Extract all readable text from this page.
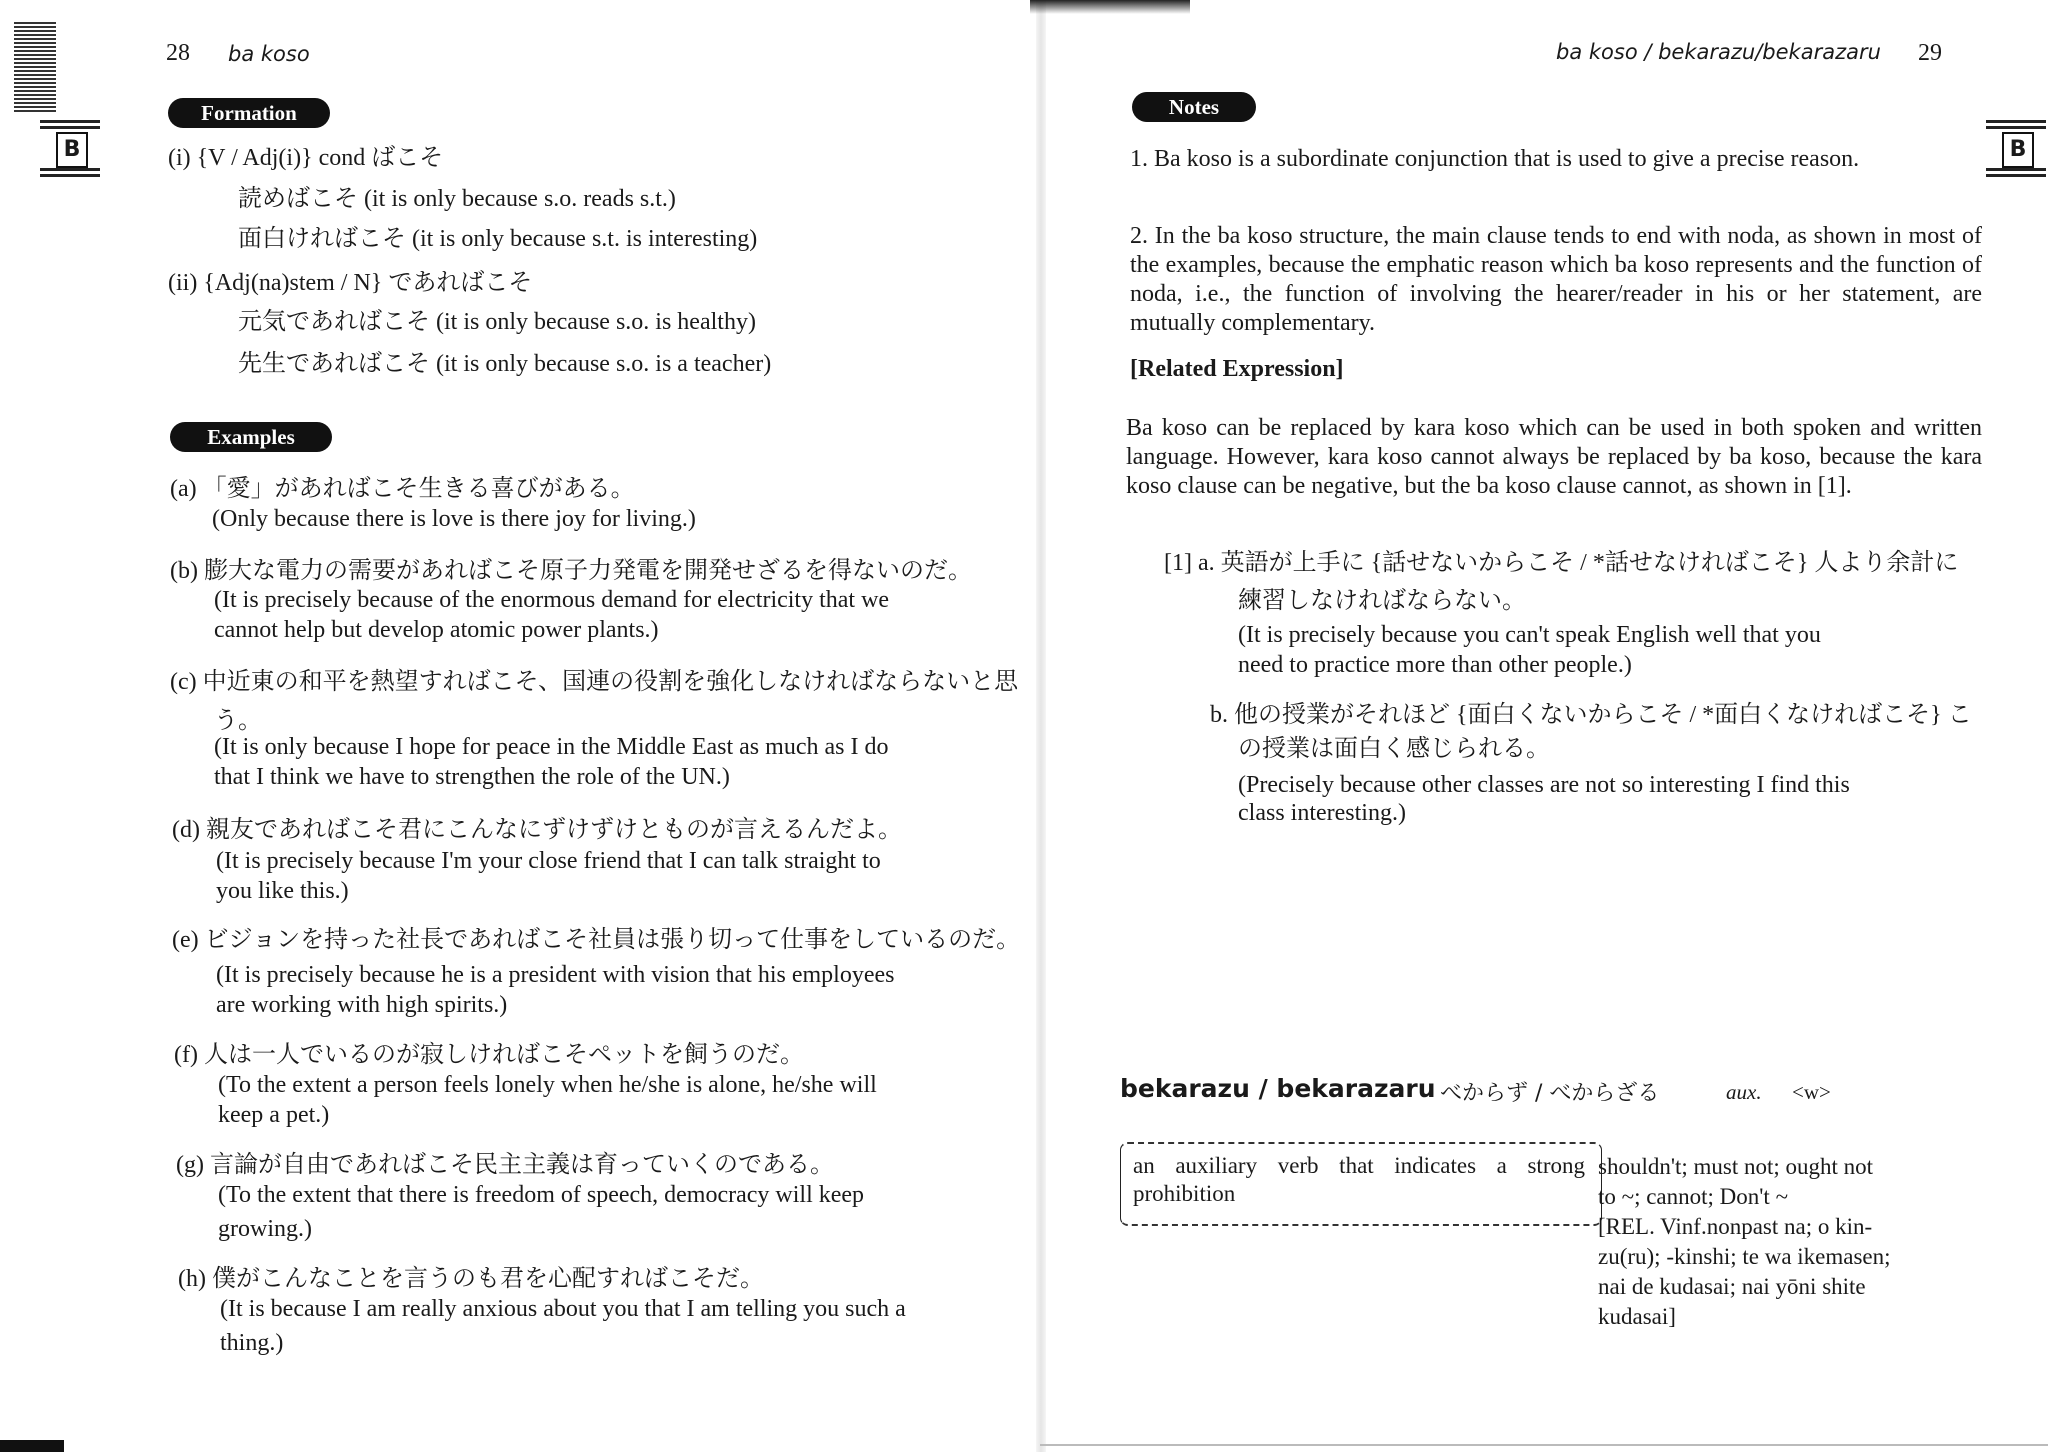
B
28 ba koso
Formation
(i) {V / Adj(i)} cond ばこそ
読めばこそ (it is only because s.o. reads s.t.)
面白ければこそ (it is only because s.t. is interesting)
(ii) {Adj(na)stem / N} であればこそ
元気であればこそ (it is only because s.o. is healthy)
先生であればこそ (it is only because s.o. is a teacher)
Examples
(a) 「愛」があればこそ生きる喜びがある。
(Only because there is love is there joy for living.)
(b) 膨大な電力の需要があればこそ原子力発電を開発せざるを得ないのだ。
(It is precisely because of the enormous demand for electricity that we
cannot help but develop atomic power plants.)
(c) 中近東の和平を熱望すればこそ、国連の役割を強化しなければならないと思
う。
(It is only because I hope for peace in the Middle East as much as I do
that I think we have to strengthen the role of the UN.)
(d) 親友であればこそ君にこんなにずけずけとものが言えるんだよ。
(It is precisely because I'm your close friend that I can talk straight to
you like this.)
(e) ビジョンを持った社長であればこそ社員は張り切って仕事をしているのだ。
(It is precisely because he is a president with vision that his employees
are working with high spirits.)
(f) 人は一人でいるのが寂しければこそペットを飼うのだ。
(To the extent a person feels lonely when he/she is alone, he/she will
keep a pet.)
(g) 言論が自由であればこそ民主主義は育っていくのである。
(To the extent that there is freedom of speech, democracy will keep
growing.)
(h) 僕がこんなことを言うのも君を心配すればこそだ。
(It is because I am really anxious about you that I am telling you such a
thing.)
ba koso / bekarazu/bekarazaru 29
B
Notes
1. Ba koso is a subordinate conjunction that is used to give a precise reason.
2. In the ba koso structure, the main clause tends to end with noda, as shown in most of the examples, because the emphatic reason which ba koso represents and the function of noda, i.e., the function of involving the hearer/reader in his or her statement, are mutually complementary.
[Related Expression]
Ba koso can be replaced by kara koso which can be used in both spoken and written language. However, kara koso cannot always be replaced by ba koso, because the kara koso clause can be negative, but the ba koso clause cannot, as shown in [1].
[1] a. 英語が上手に {話せないからこそ / *話せなければこそ} 人より余計に
練習しなければならない。
(It is precisely because you can't speak English well that you
need to practice more than other people.)
b. 他の授業がそれほど {面白くないからこそ / *面白くなければこそ} こ
の授業は面白く感じられる。
(Precisely because other classes are not so interesting I find this
class interesting.)
bekarazu / bekarazaru べからず / べからざる	aux. <w>
an auxiliary verb that indicates a strong prohibition
shouldn't; must not; ought not
to ~; cannot; Don't ~
[REL. Vinf.nonpast na; o kin-
zu(ru); -kinshi; te wa ikemasen;
nai de kudasai; nai yōni shite
kudasai]
